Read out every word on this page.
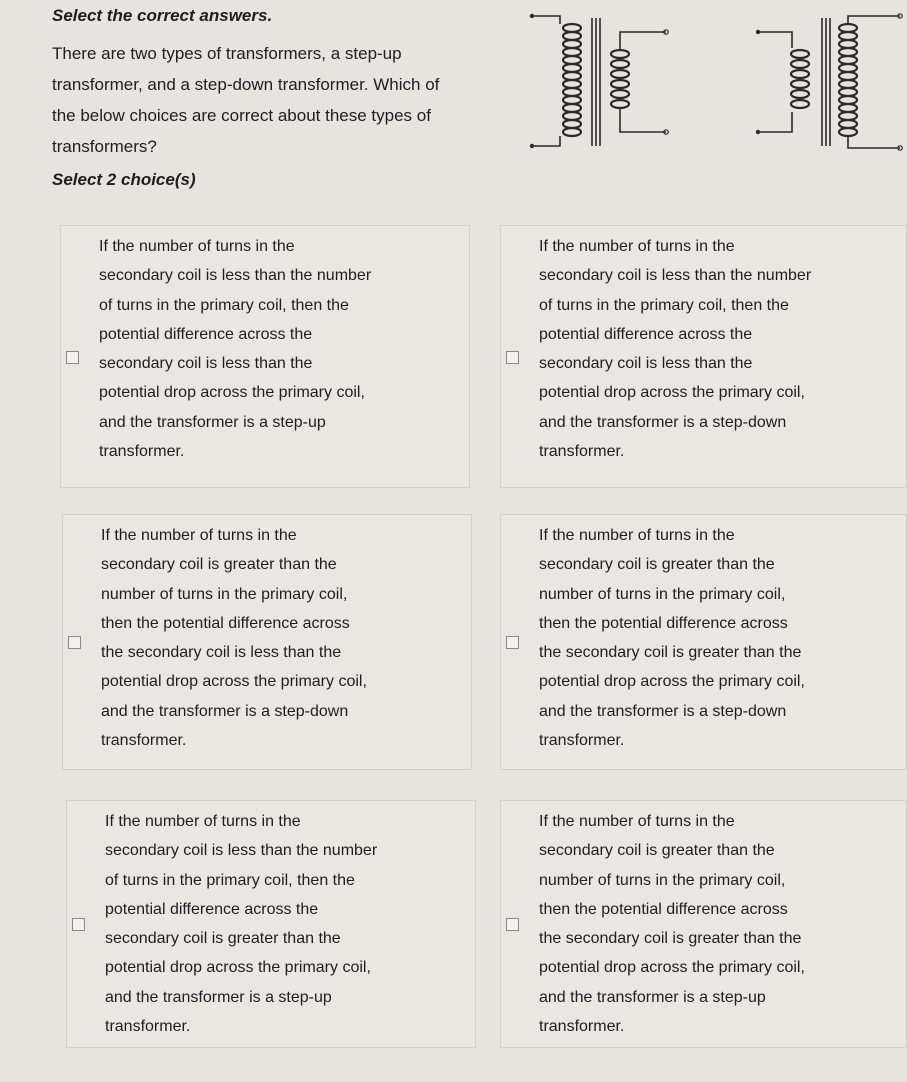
Select the correct answers.

There are two types of transformers, a step-up
transformer, and a step-down transformer. Which of
the below choices are correct about these types of
transformers?

Select 2 choice(s)
If the number of turns in the
secondary coil is less than the number
of turns in the primary coil, then the
potential difference across the
secondary coil is less than the
potential drop across the primary coil,
and the transformer is a step-up
transformer.
If the number of turns in the
secondary coil is less than the number
of turns in the primary coil, then the
potential difference across the
secondary coil is less than the
potential drop across the primary coil,
and the transformer is a step-down
transformer.
If the number of turns in the
secondary coil is greater than the
number of turns in the primary coil,
then the potential difference across
the secondary coil is less than the
potential drop across the primary coil,
and the transformer is a step-down
transformer.
If the number of turns in the
secondary coil is greater than the
number of turns in the primary coil,
then the potential difference across
the secondary coil is greater than the
potential drop across the primary coil,
and the transformer is a step-down
transformer.
If the number of turns in the
secondary coil is less than the number
of turns in the primary coil, then the
potential difference across the
secondary coil is greater than the
potential drop across the primary coil,
and the transformer is a step-up
transformer.
If the number of turns in the
secondary coil is greater than the
number of turns in the primary coil,
then the potential difference across
the secondary coil is greater than the
potential drop across the primary coil,
and the transformer is a step-up
transformer.
